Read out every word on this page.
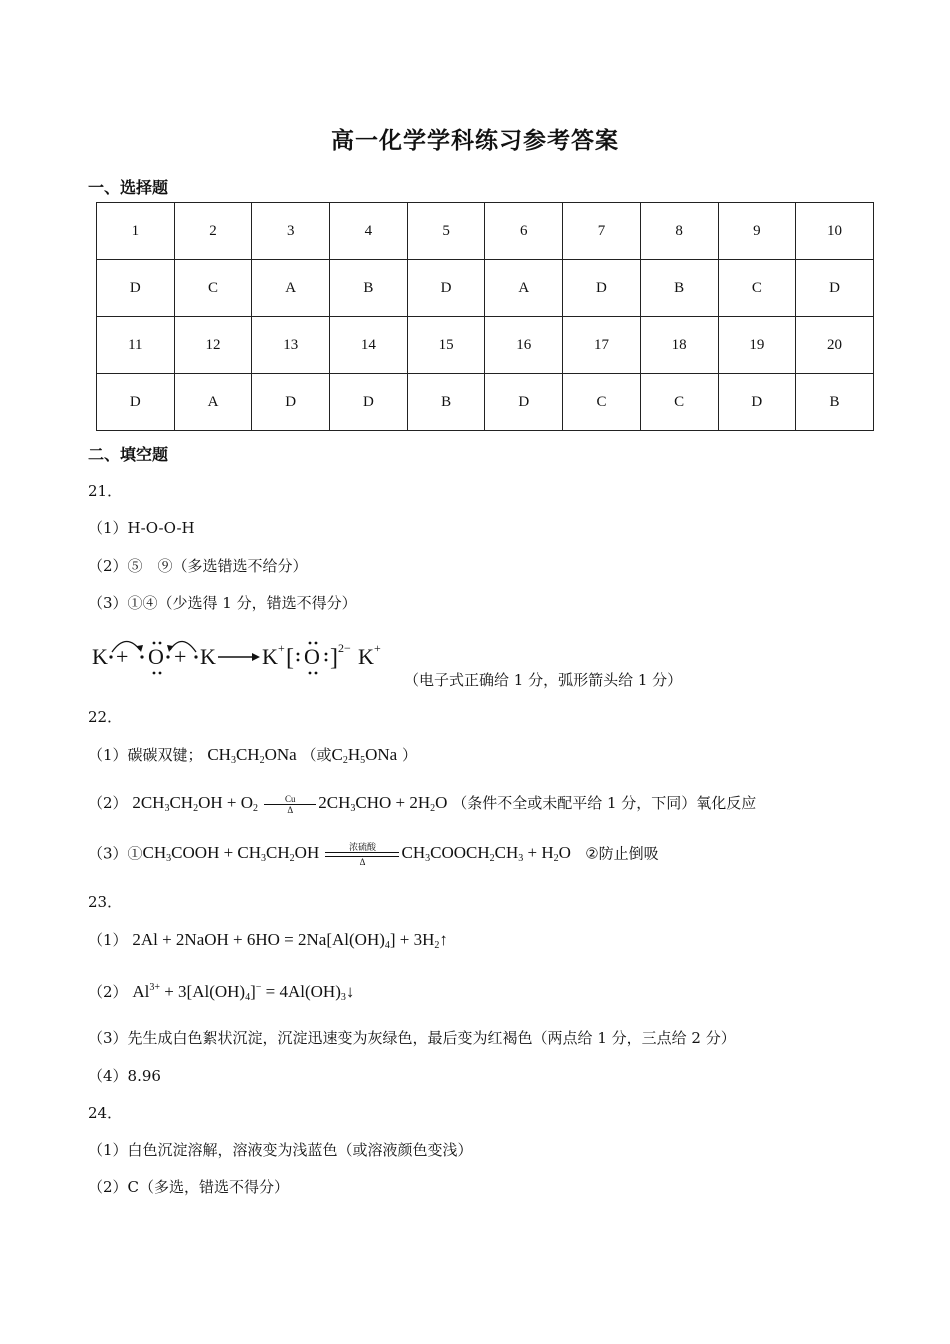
高一化学学科练习参考答案
一、选择题
1	2	3	4	5	6	7	8	9	10
D	C	A	B	D	A	D	B	C	D
11	12	13	14	15	16	17	18	19	20
D	A	D	D	B	D	C	C	D	B
二、填空题
21．
（1）H-O-O-H
（2）⑤　⑨（多选错选不给分）
（3）①④（少选得 1 分，错选不得分）
K + O + K K + [ O ] 2− K +
（电子式正确给 1 分，弧形箭头给 1 分）
22．
（1）碳碳双键； $CH_3CH_2ONa$ （或$C_2H_5ONa$ ）
（2） $2CH_3CH_2OH + O_2 \frac{Cu}{\Delta} 2CH_3CHO + 2H_2O$ （条件不全或未配平给 1 分，下同）氧化反应
$(3)①CH_3COOH + CH_3CH_2OH$	浓硫酸
Δ	$CH_3COOCH_2CH_3 + H_2O$ ②防止倒吸
23．
（1） 2Al + 2NaOH + $6HO = 2Na[Al(OH)_4]$ + $3H_2↑$
（2） $Al^{3+} + 3[Al(OH)_4]^-$ = $4Al(OH)_3↓$
（3）先生成白色絮状沉淀，沉淀迅速变为灰绿色，最后变为红褐色（两点给 1 分，三点给 2 分）
（4）8.96
24．
（1）白色沉淀溶解，溶液变为浅蓝色（或溶液颜色变浅）
（2）C（多选，错选不得分）
